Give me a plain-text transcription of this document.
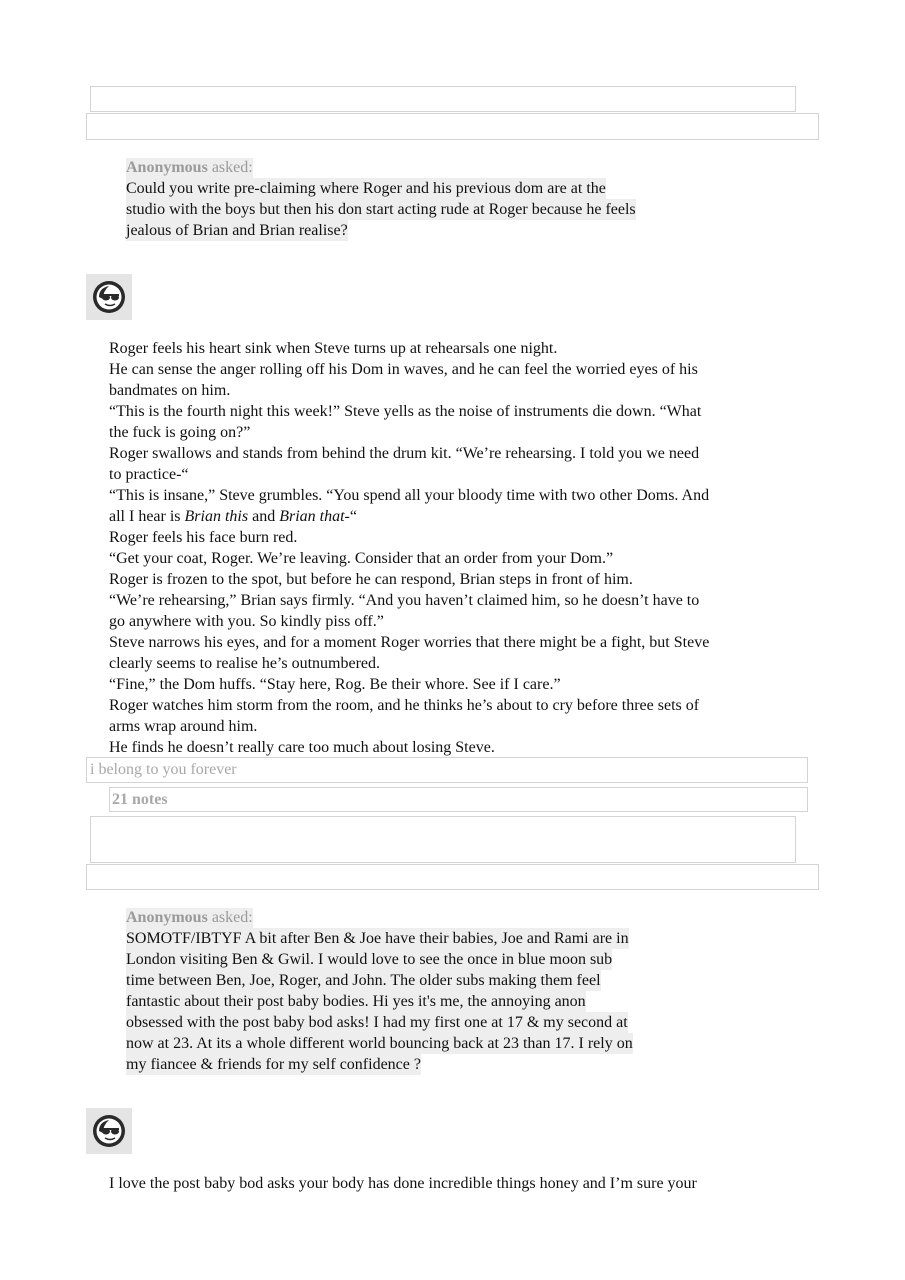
Anonymous asked:
Could you write pre-claiming where Roger and his previous dom are at the
studio with the boys but then his don start acting rude at Roger because he feels
jealous of Brian and Brian realise?

Roger feels his heart sink when Steve turns up at rehearsals one night.

He can sense the anger rolling off his Dom in waves, and he can feel the worried eyes of his

bandmates on him.

“This is the fourth night this week!” Steve yells as the noise of instruments die down. “What

the fuck is going on?”

Roger swallows and stands from behind the drum kit. “We’re rehearsing. I told you we need

to practice-“

“This is insane,” Steve grumbles. “You spend all your bloody time with two other Doms. And

all I hear is Brian this and Brian that-“

Roger feels his face burn red.

“Get your coat, Roger. We’re leaving. Consider that an order from your Dom.”

Roger is frozen to the spot, but before he can respond, Brian steps in front of him.

“We’re rehearsing,” Brian says firmly. “And you haven’t claimed him, so he doesn’t have to

go anywhere with you. So kindly piss off.”

Steve narrows his eyes, and for a moment Roger worries that there might be a fight, but Steve

clearly seems to realise he’s outnumbered.

“Fine,” the Dom huffs. “Stay here, Rog. Be their whore. See if I care.”

Roger watches him storm from the room, and he thinks he’s about to cry before three sets of

arms wrap around him.

He finds he doesn’t really care too much about losing Steve.

i belong to you forever
21 notes
Anonymous asked:
SOMOTF/IBTYF A bit after Ben & Joe have their babies, Joe and Rami are in
London visiting Ben & Gwil. I would love to see the once in blue moon sub
time between Ben, Joe, Roger, and John. The older subs making them feel
fantastic about their post baby bodies. Hi yes it's me, the annoying anon
obsessed with the post baby bod asks! I had my first one at 17 & my second at
now at 23. At its a whole different world bouncing back at 23 than 17. I rely on
my fiancee & friends for my self confidence ?

I love the post baby bod asks your body has done incredible things honey and I’m sure your
